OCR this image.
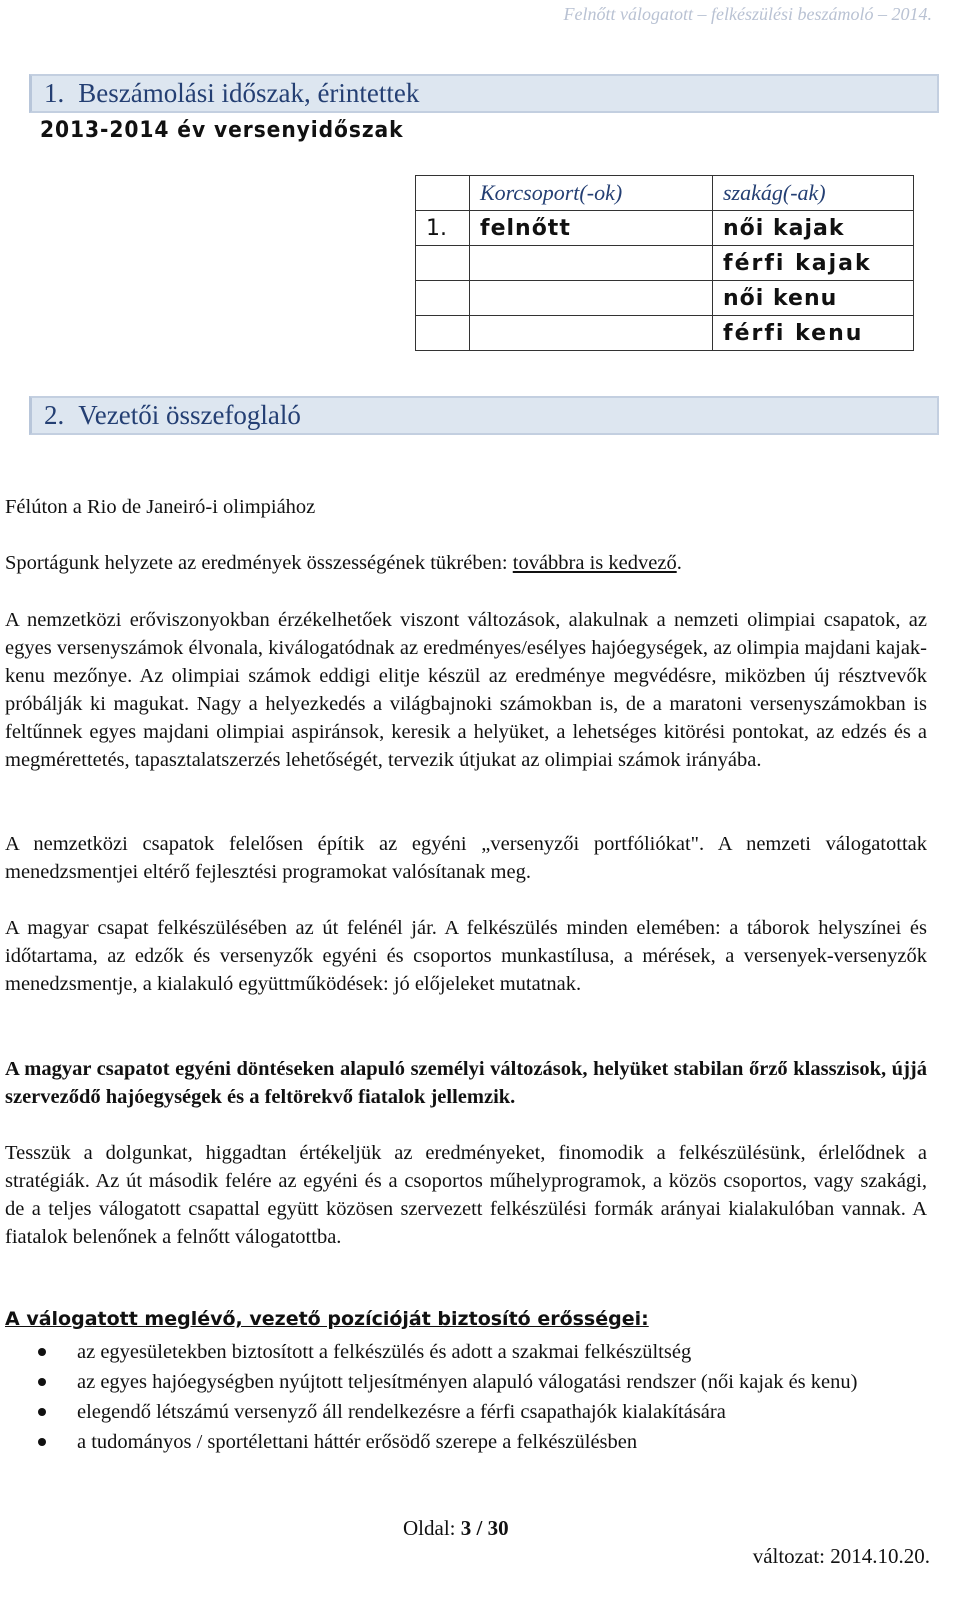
Felnőtt válogatott – felkészülési beszámoló – 2014.
1. Beszámolási időszak, érintettek
2013-2014 év versenyidőszak
	Korcsoport(-ok)	szakág(-ak)
1.	felnőtt	női kajak
		férfi kajak
		női kenu
		férfi kenu
2. Vezetői összefoglaló
Félúton a Rio de Janeiró-i olimpiához
Sportágunk helyzete az eredmények összességének tükrében: továbbra is kedvező.
A nemzetközi erőviszonyokban érzékelhetőek viszont változások, alakulnak a nemzeti olimpiai csapatok, az egyes versenyszámok élvonala, kiválogatódnak az eredményes/esélyes hajóegységek, az olimpia majdani kajak-kenu mezőnye. Az olimpiai számok eddigi elitje készül az eredménye megvédésre, miközben új résztvevők próbálják ki magukat. Nagy a helyezkedés a világbajnoki számokban is, de a maratoni versenyszámokban is feltűnnek egyes majdani olimpiai aspiránsok, keresik a helyüket, a lehetséges kitörési pontokat, az edzés és a megmérettetés, tapasztalatszerzés lehetőségét, tervezik útjukat az olimpiai számok irányába.
A nemzetközi csapatok felelősen építik az egyéni „versenyzői portfóliókat". A nemzeti válogatottak menedzsmentjei eltérő fejlesztési programokat valósítanak meg.
A magyar csapat felkészülésében az út felénél jár. A felkészülés minden elemében: a táborok helyszínei és időtartama, az edzők és versenyzők egyéni és csoportos munkastílusa, a mérések, a versenyek-versenyzők menedzsmentje, a kialakuló együttműködések: jó előjeleket mutatnak.
A magyar csapatot egyéni döntéseken alapuló személyi változások, helyüket stabilan őrző klasszisok, újjá szerveződő hajóegységek és a feltörekvő fiatalok jellemzik.
Tesszük a dolgunkat, higgadtan értékeljük az eredményeket, finomodik a felkészülésünk, érlelődnek a stratégiák. Az út második felére az egyéni és a csoportos műhelyprogramok, a közös csoportos, vagy szakági, de a teljes válogatott csapattal együtt közösen szervezett felkészülési formák arányai kialakulóban vannak. A fiatalok belenőnek a felnőtt válogatottba.
A válogatott meglévő, vezető pozícióját biztosító erősségei:
az egyesületekben biztosított a felkészülés és adott a szakmai felkészültség
az egyes hajóegységben nyújtott teljesítményen alapuló válogatási rendszer (női kajak és kenu)
elegendő létszámú versenyző áll rendelkezésre a férfi csapathajók kialakítására
a tudományos / sportélettani háttér erősödő szerepe a felkészülésben
Oldal: 3 / 30
változat: 2014.10.20.
